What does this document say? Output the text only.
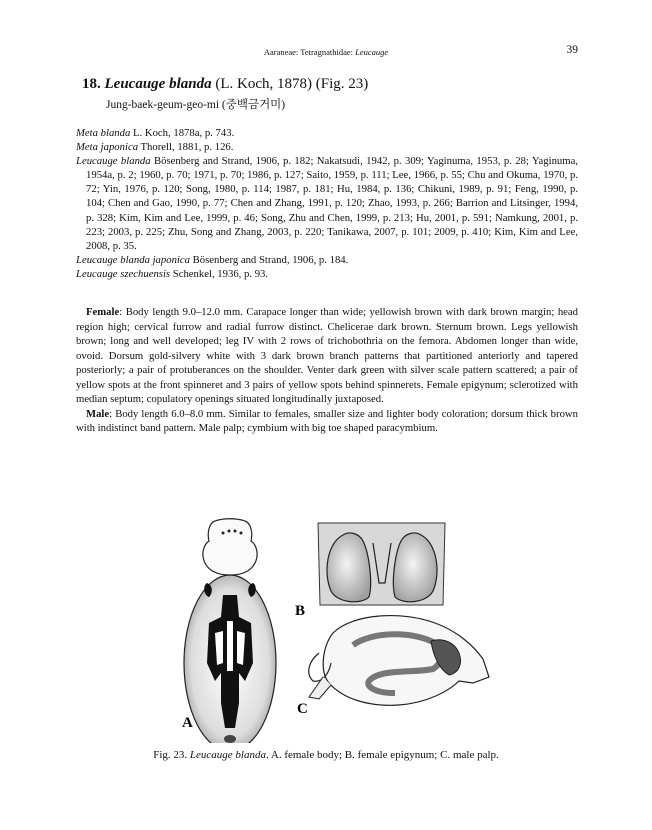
Aaraneae: Tetragnathidae: Leucauge	39
18. Leucauge blanda (L. Koch, 1878) (Fig. 23)
Jung-baek-geum-geo-mi (중백금거미)
Meta blanda L. Koch, 1878a, p. 743.
Meta japonica Thorell, 1881, p. 126.
Leucauge blanda Bösenberg and Strand, 1906, p. 182; Nakatsudi, 1942, p. 309; Yaginuma, 1953, p. 28; Yaginuma, 1954a, p. 2; 1960, p. 70; 1971, p. 70; 1986, p. 127; Saito, 1959, p. 111; Lee, 1966, p. 55; Chu and Okuma, 1970, p. 72; Yin, 1976, p. 120; Song, 1980, p. 114; 1987, p. 181; Hu, 1984, p. 136; Chikuni, 1989, p. 91; Feng, 1990, p. 104; Chen and Gao, 1990, p. 77; Chen and Zhang, 1991, p. 120; Zhao, 1993, p. 266; Barrion and Litsinger, 1994, p. 328; Kim, Kim and Lee, 1999, p. 46; Song, Zhu and Chen, 1999, p. 213; Hu, 2001, p. 591; Namkung, 2001, p. 223; 2003, p. 225; Zhu, Song and Zhang, 2003, p. 220; Tanikawa, 2007, p. 101; 2009, p. 410; Kim, Kim and Lee, 2008, p. 35.
Leucauge blanda japonica Bösenberg and Strand, 1906, p. 184.
Leucauge szechuensis Schenkel, 1936, p. 93.

Female: Body length 9.0–12.0 mm. Carapace longer than wide; yellowish brown with dark brown margin; head region high; cervical furrow and radial furrow distinct. Chelicerae dark brown. Sternum brown. Legs yellowish brown; long and well developed; leg IV with 2 rows of trichobothria on the femora. Abdomen longer than wide, ovoid. Dorsum gold-silvery white with 3 dark brown branch patterns that partitioned anteriorly and tapered posteriorly; a pair of protuberances on the shoulder. Venter dark green with silver scale pattern scattered; a pair of yellow spots at the front spinneret and 3 pairs of yellow spots behind spinnerets. Female epigynum; sclerotized with median septum; copulatory openings situated longitudinally juxtaposed.

Male: Body length 6.0–8.0 mm. Similar to females, smaller size and lighter body coloration; dorsum thick brown with indistinct band pattern. Male palp; cymbium with big toe shaped paracymbium.

A
B
C
Fig. 23. Leucauge blanda. A. female body; B. female epigynum; C. male palp.
